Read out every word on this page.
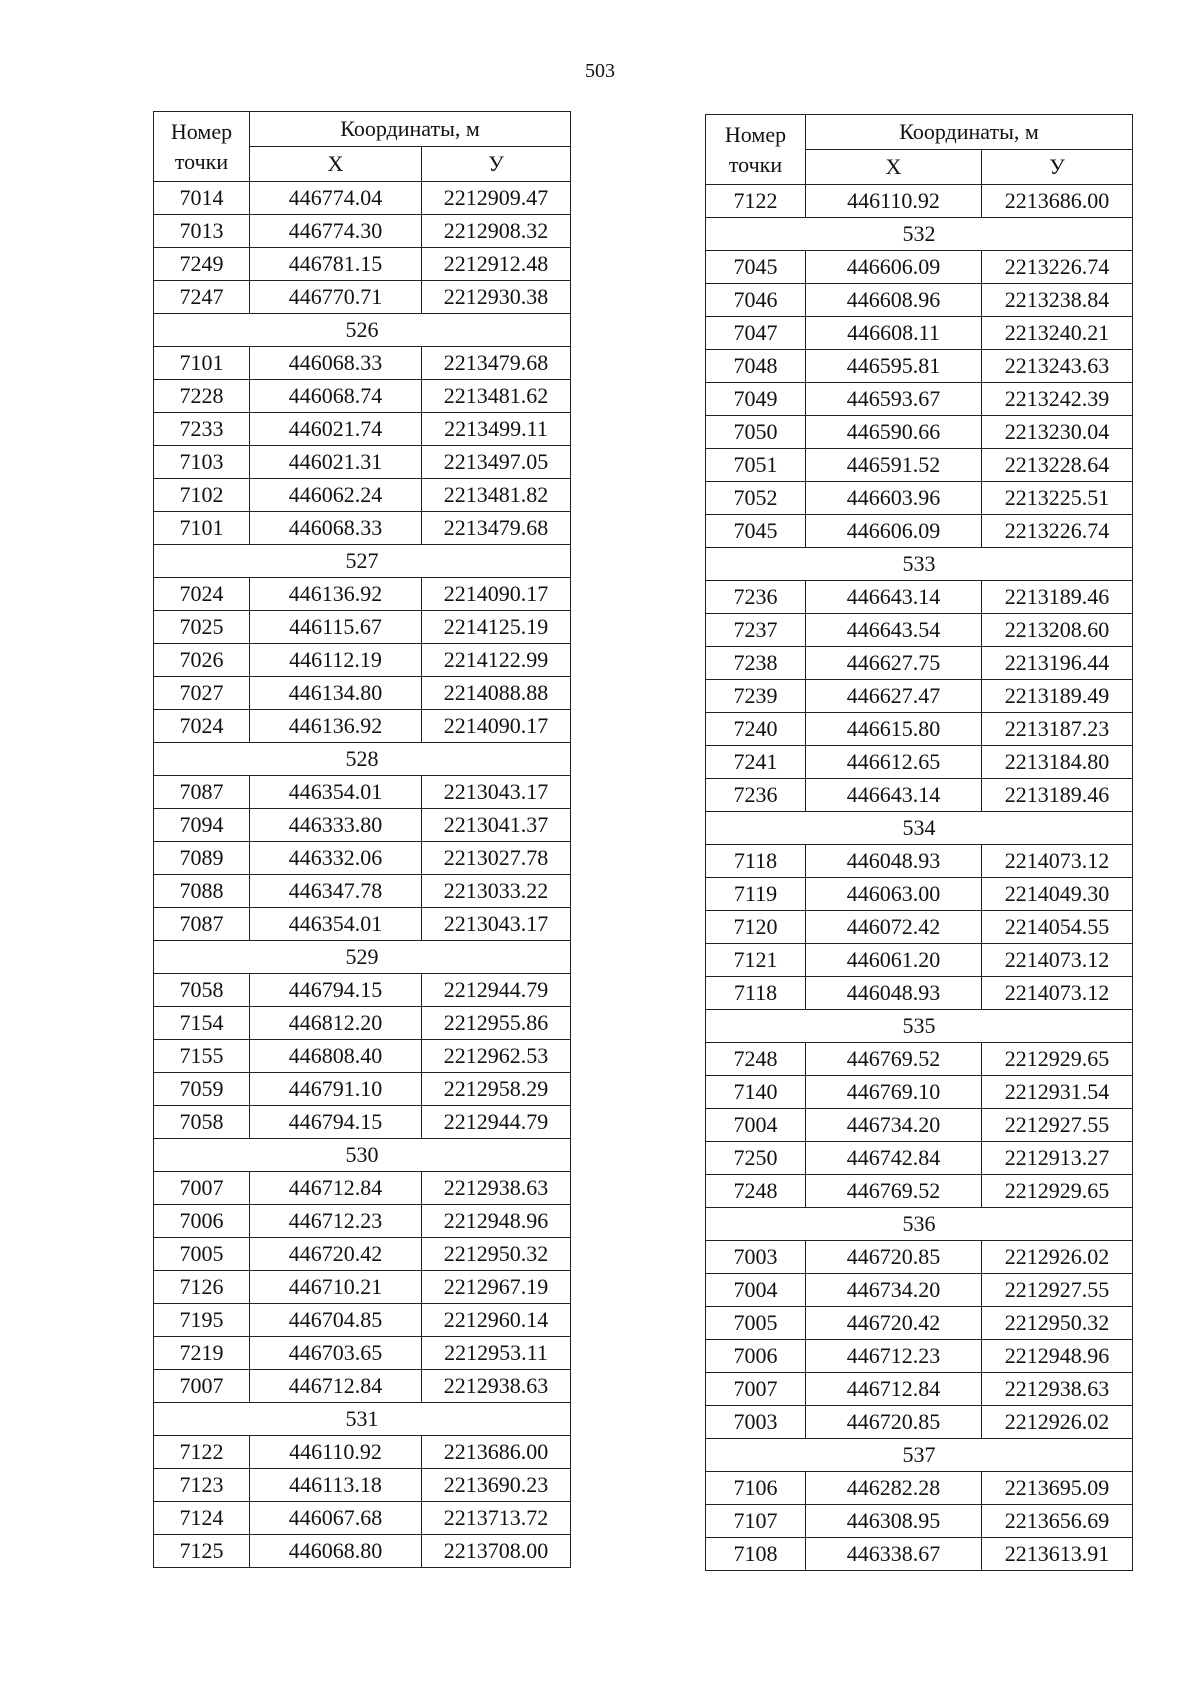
503
Номер точки	Координаты, м	
	Х	У
7014	446774.04	2212909.47
7013	446774.30	2212908.32
7249	446781.15	2212912.48
7247	446770.71	2212930.38
526		
7101	446068.33	2213479.68
7228	446068.74	2213481.62
7233	446021.74	2213499.11
7103	446021.31	2213497.05
7102	446062.24	2213481.82
7101	446068.33	2213479.68
527		
7024	446136.92	2214090.17
7025	446115.67	2214125.19
7026	446112.19	2214122.99
7027	446134.80	2214088.88
7024	446136.92	2214090.17
528		
7087	446354.01	2213043.17
7094	446333.80	2213041.37
7089	446332.06	2213027.78
7088	446347.78	2213033.22
7087	446354.01	2213043.17
529		
7058	446794.15	2212944.79
7154	446812.20	2212955.86
7155	446808.40	2212962.53
7059	446791.10	2212958.29
7058	446794.15	2212944.79
530		
7007	446712.84	2212938.63
7006	446712.23	2212948.96
7005	446720.42	2212950.32
7126	446710.21	2212967.19
7195	446704.85	2212960.14
7219	446703.65	2212953.11
7007	446712.84	2212938.63
531		
7122	446110.92	2213686.00
7123	446113.18	2213690.23
7124	446067.68	2213713.72
7125	446068.80	2213708.00
Номер точки	Координаты, м	
	Х	У
7122	446110.92	2213686.00
532		
7045	446606.09	2213226.74
7046	446608.96	2213238.84
7047	446608.11	2213240.21
7048	446595.81	2213243.63
7049	446593.67	2213242.39
7050	446590.66	2213230.04
7051	446591.52	2213228.64
7052	446603.96	2213225.51
7045	446606.09	2213226.74
533		
7236	446643.14	2213189.46
7237	446643.54	2213208.60
7238	446627.75	2213196.44
7239	446627.47	2213189.49
7240	446615.80	2213187.23
7241	446612.65	2213184.80
7236	446643.14	2213189.46
534		
7118	446048.93	2214073.12
7119	446063.00	2214049.30
7120	446072.42	2214054.55
7121	446061.20	2214073.12
7118	446048.93	2214073.12
535		
7248	446769.52	2212929.65
7140	446769.10	2212931.54
7004	446734.20	2212927.55
7250	446742.84	2212913.27
7248	446769.52	2212929.65
536		
7003	446720.85	2212926.02
7004	446734.20	2212927.55
7005	446720.42	2212950.32
7006	446712.23	2212948.96
7007	446712.84	2212938.63
7003	446720.85	2212926.02
537		
7106	446282.28	2213695.09
7107	446308.95	2213656.69
7108	446338.67	2213613.91
